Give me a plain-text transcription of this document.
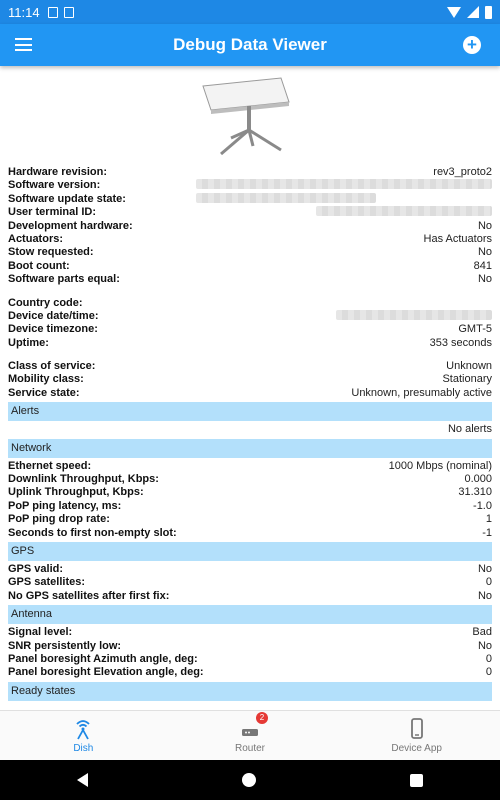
11:14
Debug Data Viewer	+
Hardware revision:	rev3_proto2
Software version:
Software update state:
User terminal ID:
Development hardware:	No
Actuators:	Has Actuators
Stow requested:	No
Boot count:	841
Software parts equal:	No
Country code:
Device date/time:
Device timezone:	GMT-5
Uptime:	353 seconds
Class of service:	Unknown
Mobility class:	Stationary
Service state:	Unknown, presumably active
Alerts
No alerts
Network
Ethernet speed:	1000 Mbps (nominal)
Downlink Throughput, Kbps:	0.000
Uplink Throughput, Kbps:	31.310
PoP ping latency, ms:	-1.0
PoP ping drop rate:	1
Seconds to first non-empty slot:	-1
GPS
GPS valid:	No
GPS satellites:	0
No GPS satellites after first fix:	No
Antenna
Signal level:	Bad
SNR persistently low:	No
Panel boresight Azimuth angle, deg:	0
Panel boresight Elevation angle, deg:	0
Ready states
Dish
2
Router	Device App
